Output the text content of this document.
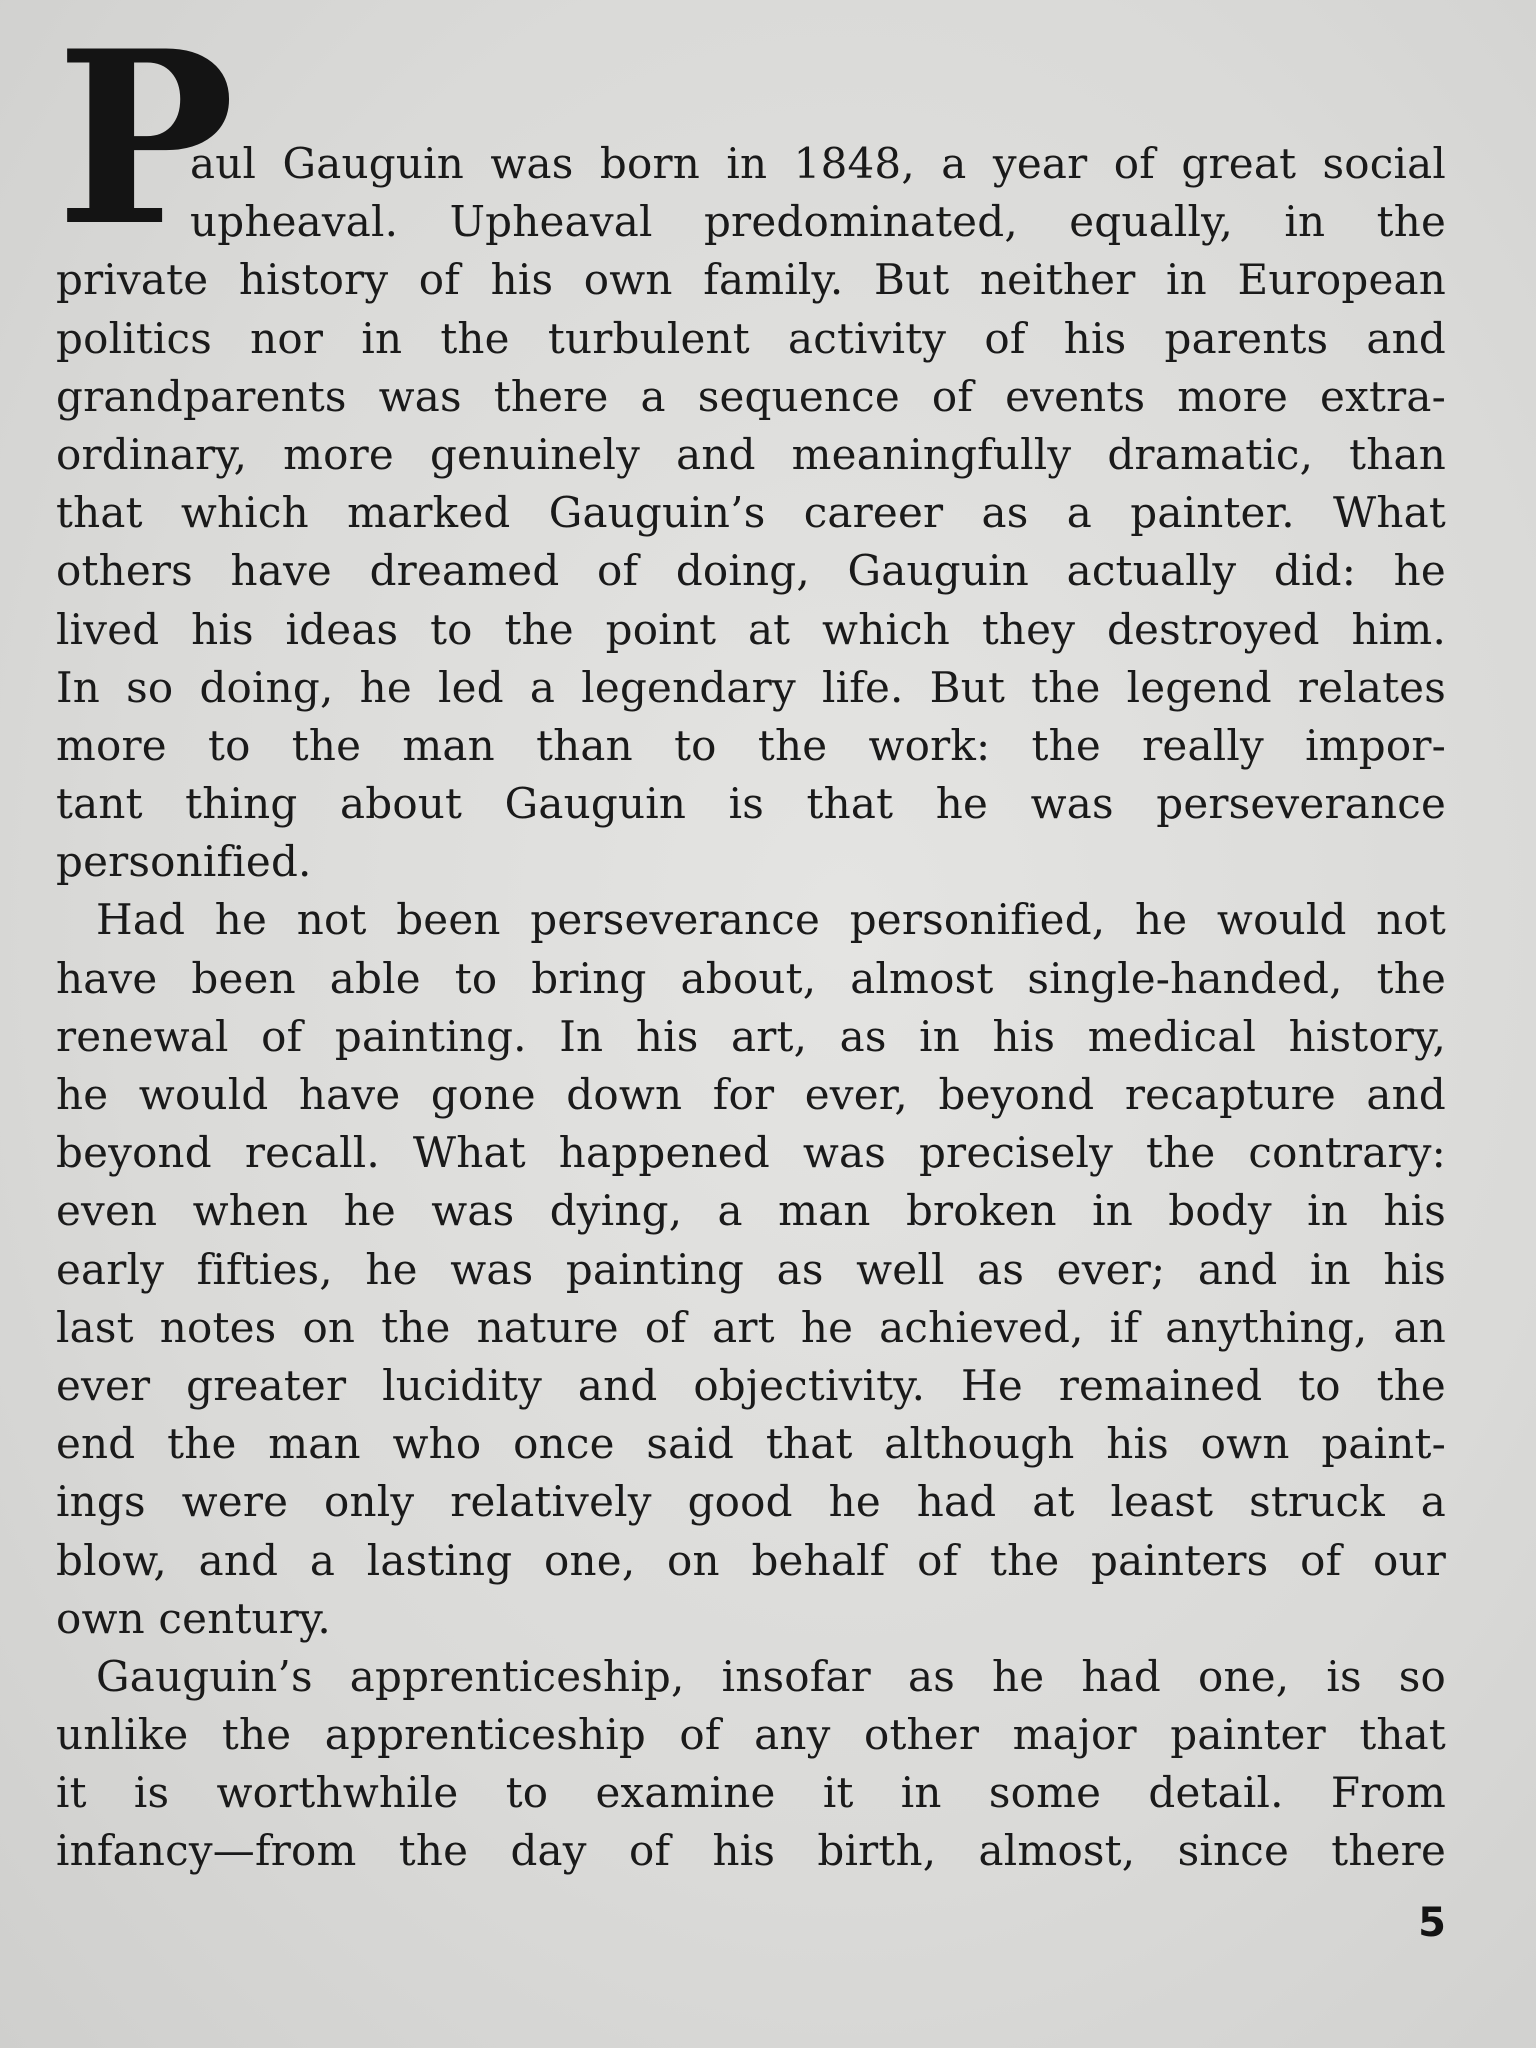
P
aul Gauguin was born in 1848, a year of great social
upheaval. Upheaval predominated, equally, in the
private history of his own family. But neither in European
politics nor in the turbulent activity of his parents and
grandparents was there a sequence of events more extra-
ordinary, more genuinely and meaningfully dramatic, than
that which marked Gauguin’s career as a painter. What
others have dreamed of doing, Gauguin actually did: he
lived his ideas to the point at which they destroyed him.
In so doing, he led a legendary life. But the legend relates
more to the man than to the work: the really impor-
tant thing about Gauguin is that he was perseverance
personified.
Had he not been perseverance personified, he would not
have been able to bring about, almost single-handed, the
renewal of painting. In his art, as in his medical history,
he would have gone down for ever, beyond recapture and
beyond recall. What happened was precisely the contrary:
even when he was dying, a man broken in body in his
early fifties, he was painting as well as ever; and in his
last notes on the nature of art he achieved, if anything, an
ever greater lucidity and objectivity. He remained to the
end the man who once said that although his own paint-
ings were only relatively good he had at least struck a
blow, and a lasting one, on behalf of the painters of our
own century.
Gauguin’s apprenticeship, insofar as he had one, is so
unlike the apprenticeship of any other major painter that
it is worthwhile to examine it in some detail. From
infancy—from the day of his birth, almost, since there
5
